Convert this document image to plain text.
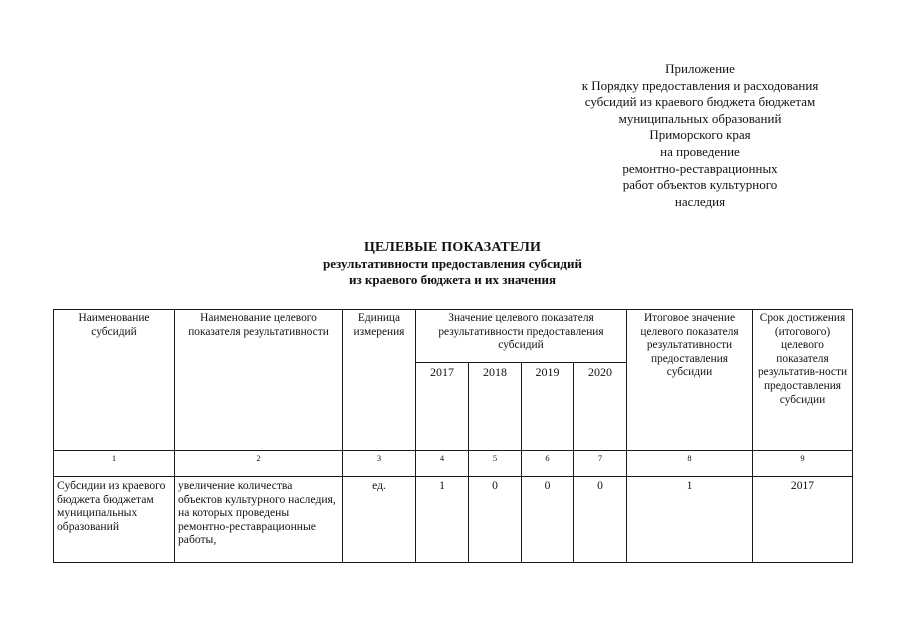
Приложение
к Порядку предоставления и расходования
субсидий из краевого бюджета бюджетам
муниципальных образований
Приморского края
на проведение
ремонтно-реставрационных
работ объектов культурного
наследия
ЦЕЛЕВЫЕ ПОКАЗАТЕЛИ
результативности предоставления субсидий
из краевого бюджета и их значения
Наименование субсидий	Наименование целевого показателя результативности	Единица измерения	Значение целевого показателя результативности предоставления субсидий				Итоговое значение целевого показателя результативности предоставления субсидии	Срок достижения (итогового) целевого показателя результатив-ности предоставления субсидии
			2017	2018	2019	2020		
1	2	3	4	5	6	7	8	9
Субсидии из краевого бюджета бюджетам муниципальных образований	увеличение количества объектов культурного наследия, на которых проведены ремонтно-реставрационные работы,	ед.	1	0	0	0	1	2017
